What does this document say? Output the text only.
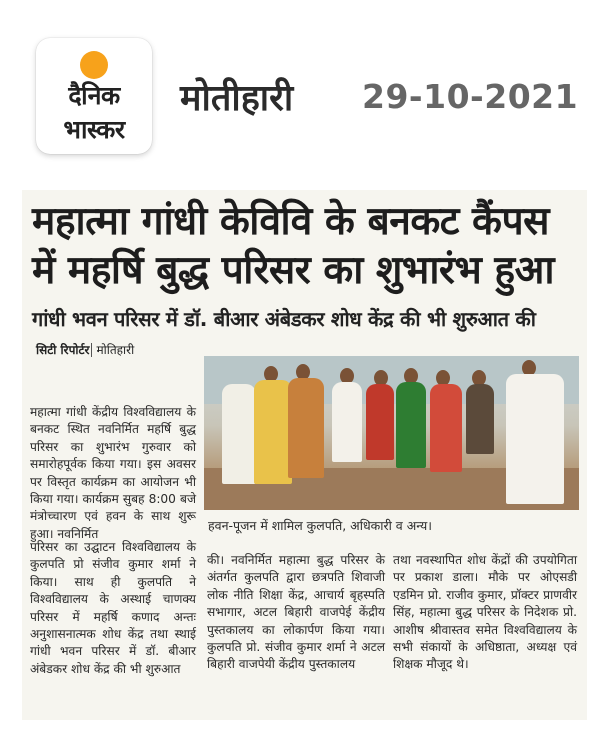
दैनिक
भास्कर
मोतीहारी 29-10-2021
महात्मा गांधी केविवि के बनकट कैंपस
में महर्षि बुद्ध परिसर का शुभारंभ हुआ
गांधी भवन परिसर में डॉ. बीआर अंबेडकर शोध केंद्र की भी शुरुआत की
सिटी रिपोर्टर मोतिहारी
महात्मा गांधी केंद्रीय विश्वविद्यालय के बनकट स्थित नवनिर्मित महर्षि बुद्ध परिसर का शुभारंभ गुरुवार को समारोहपूर्वक किया गया। इस अवसर पर विस्तृत कार्यक्रम का आयोजन भी किया गया। कार्यक्रम सुबह 8:00 बजे मंत्रोच्चारण एवं हवन के साथ शुरू हुआ। नवनिर्मित
हवन-पूजन में शामिल कुलपति, अधिकारी व अन्य।
परिसर का उद्घाटन विश्वविद्यालय के कुलपति प्रो संजीव कुमार शर्मा ने किया। साथ ही कुलपति ने विश्वविद्यालय के अस्थाई चाणक्य परिसर में महर्षि कणाद अन्तः अनुशासनात्मक शोध केंद्र तथा स्थाई गांधी भवन परिसर में डॉ. बीआर अंबेडकर शोध केंद्र की भी शुरुआत
की। नवनिर्मित महात्मा बुद्ध परिसर के अंतर्गत कुलपति द्वारा छत्रपति शिवाजी लोक नीति शिक्षा केंद्र, आचार्य बृहस्पति सभागार, अटल बिहारी वाजपेई केंद्रीय पुस्तकालय का लोकार्पण किया गया। कुलपति प्रो. संजीव कुमार शर्मा ने अटल बिहारी वाजपेयी केंद्रीय पुस्तकालय
तथा नवस्थापित शोध केंद्रों की उपयोगिता पर प्रकाश डाला। मौके पर ओएसडी एडमिन प्रो. राजीव कुमार, प्रॉक्टर प्राणवीर सिंह, महात्मा बुद्ध परिसर के निदेशक प्रो. आशीष श्रीवास्तव समेत विश्वविद्यालय के सभी संकायों के अधिष्ठाता, अध्यक्ष एवं शिक्षक मौजूद थे।
